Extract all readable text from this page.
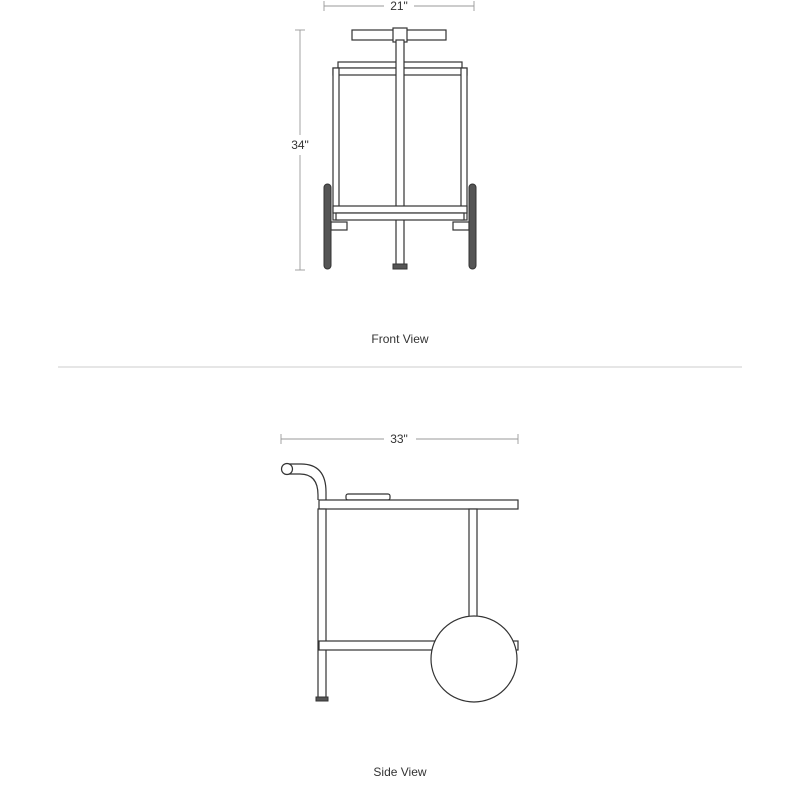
21"
34"
Front View
33"
Side View
